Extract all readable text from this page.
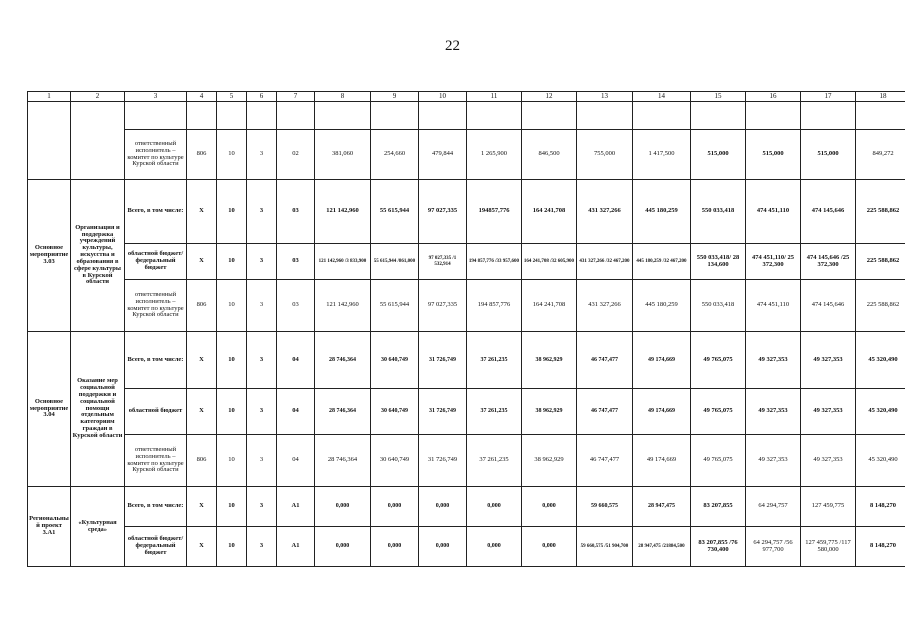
22
1	2	3	4	5	6	7	8	9	10	11	12	13	14	15	16	17	18

		ответственный исполнитель – комитет по культуре Курской области	806	10	3	02	381,060	254,660	479,844	1 265,900	846,500	755,000	1 417,500	515,000	515,000	515,000	849,272
Основное мероприятие 3.03	Организация и поддержка учреждений культуры, искусства и образования в сфере культуры в Курской области	Всего, в том числе:	Х	10	3	03	121 142,960	55 615,944	97 027,335	194857,776	164 241,708	431 327,266	445 180,259	550 033,418	474 451,110	474 145,646	225 588,862
		областной бюджет/ федеральный бюджет	Х	10	3	03	121 142,960 /3 833,900	55 615,944 /861,000	97 027,335 /1 532,914	194 857,776 /33 957,600	164 241,708 /32 605,900	431 327,266 /32 467,200	445 180,259 /32 467,200	550 033,418/ 28 134,600	474 451,110/ 25 372,300	474 145,646 /25 372,300	225 588,862
		ответственный исполнитель – комитет по культуре Курской области	806	10	3	03	121 142,960	55 615,944	97 027,335	194 857,776	164 241,708	431 327,266	445 180,259	550 033,418	474 451,110	474 145,646	225 588,862
Основное мероприятие 3.04	Оказание мер социальной поддержки и социальной помощи отдельным категориям граждан в Курской области	Всего, в том числе:	Х	10	3	04	28 746,364	30 640,749	31 726,749	37 261,235	38 962,929	46 747,477	49 174,669	49 765,075	49 327,353	49 327,353	45 320,490
		областной бюджет	Х	10	3	04	28 746,364	30 640,749	31 726,749	37 261,235	38 962,929	46 747,477	49 174,669	49 765,075	49 327,353	49 327,353	45 320,490
		ответственный исполнитель – комитет по культуре Курской области	806	10	3	04	28 746,364	30 640,749	31 726,749	37 261,235	38 962,929	46 747,477	49 174,669	49 765,075	49 327,353	49 327,353	45 320,490
Региональный проект 3.А1	«Культурная среда»	Всего, в том числе:	Х	10	3	А1	0,000	0,000	0,000	0,000	0,000	59 660,575	28 947,475	83 207,855	64 294,757	127 459,775	8 148,270
		областной бюджет/ федеральный бюджет	Х	10	3	А1	0,000	0,000	0,000	0,000	0,000	59 660,575 /51 904,700	28 947,475 /21884,500	83 207,855 /76 730,400	64 294,757 /56 977,700	127 459,775 /117 580,000	8 148,270
